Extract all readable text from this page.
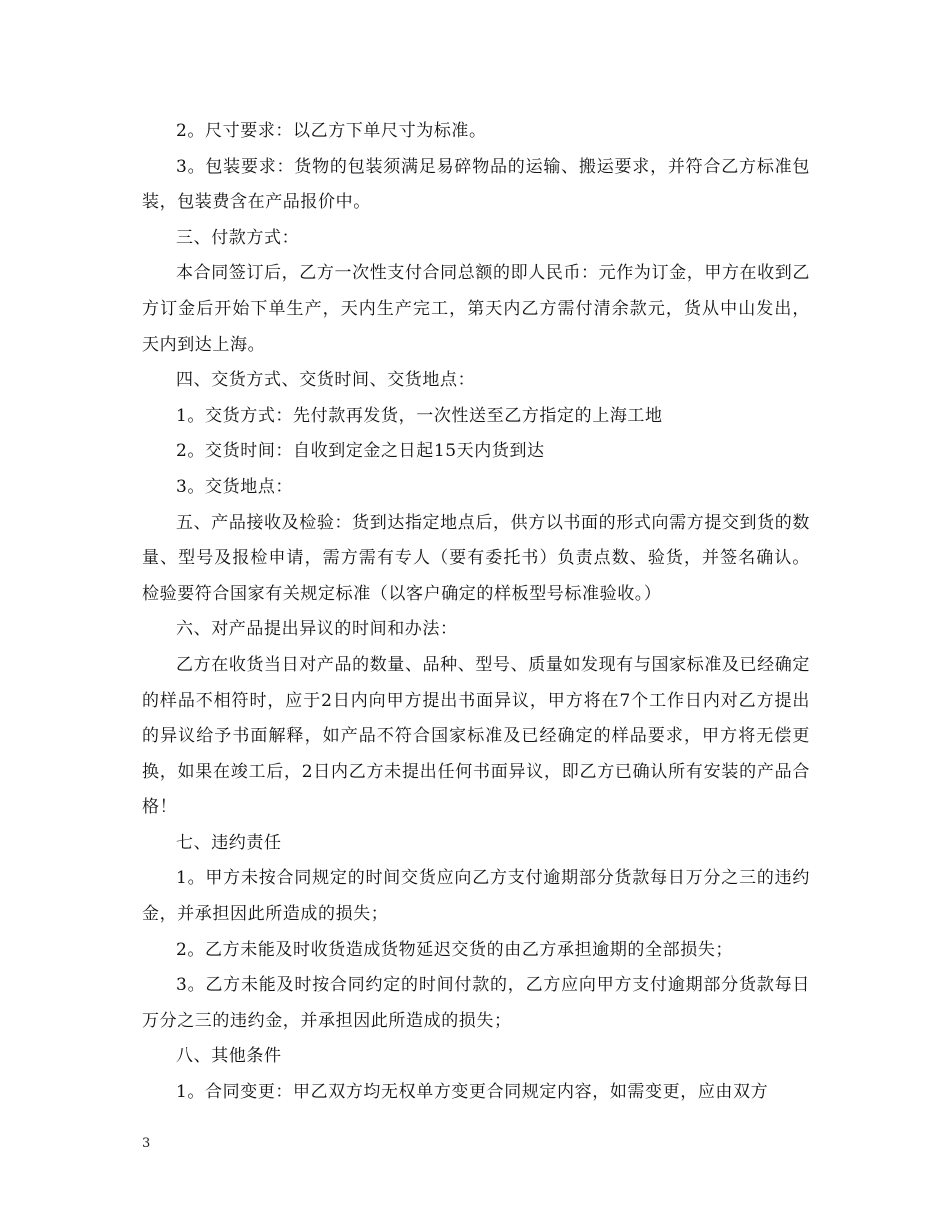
2。尺寸要求：以乙方下单尺寸为标准。

3。包装要求：货物的包装须满足易碎物品的运输、搬运要求，并符合乙方标准包装，包装费含在产品报价中。

三、付款方式：

本合同签订后，乙方一次性支付合同总额的即人民币：元作为订金，甲方在收到乙方订金后开始下单生产，天内生产完工，第天内乙方需付清余款元，货从中山发出，天内到达上海。

四、交货方式、交货时间、交货地点：

1。交货方式：先付款再发货，一次性送至乙方指定的上海工地

2。交货时间：自收到定金之日起15天内货到达

3。交货地点：

五、产品接收及检验：货到达指定地点后，供方以书面的形式向需方提交到货的数量、型号及报检申请，需方需有专人（要有委托书）负责点数、验货，并签名确认。检验要符合国家有关规定标准（以客户确定的样板型号标准验收。）

六、对产品提出异议的时间和办法：

乙方在收货当日对产品的数量、品种、型号、质量如发现有与国家标准及已经确定的样品不相符时，应于2日内向甲方提出书面异议，甲方将在7个工作日内对乙方提出的异议给予书面解释，如产品不符合国家标准及已经确定的样品要求，甲方将无偿更换，如果在竣工后，2日内乙方未提出任何书面异议，即乙方已确认所有安装的产品合格！

七、违约责任

1。甲方未按合同规定的时间交货应向乙方支付逾期部分货款每日万分之三的违约金，并承担因此所造成的损失；

2。乙方未能及时收货造成货物延迟交货的由乙方承担逾期的全部损失；

3。乙方未能及时按合同约定的时间付款的，乙方应向甲方支付逾期部分货款每日万分之三的违约金，并承担因此所造成的损失；

八、其他条件

1。合同变更：甲乙双方均无权单方变更合同规定内容，如需变更，应由双方

3
